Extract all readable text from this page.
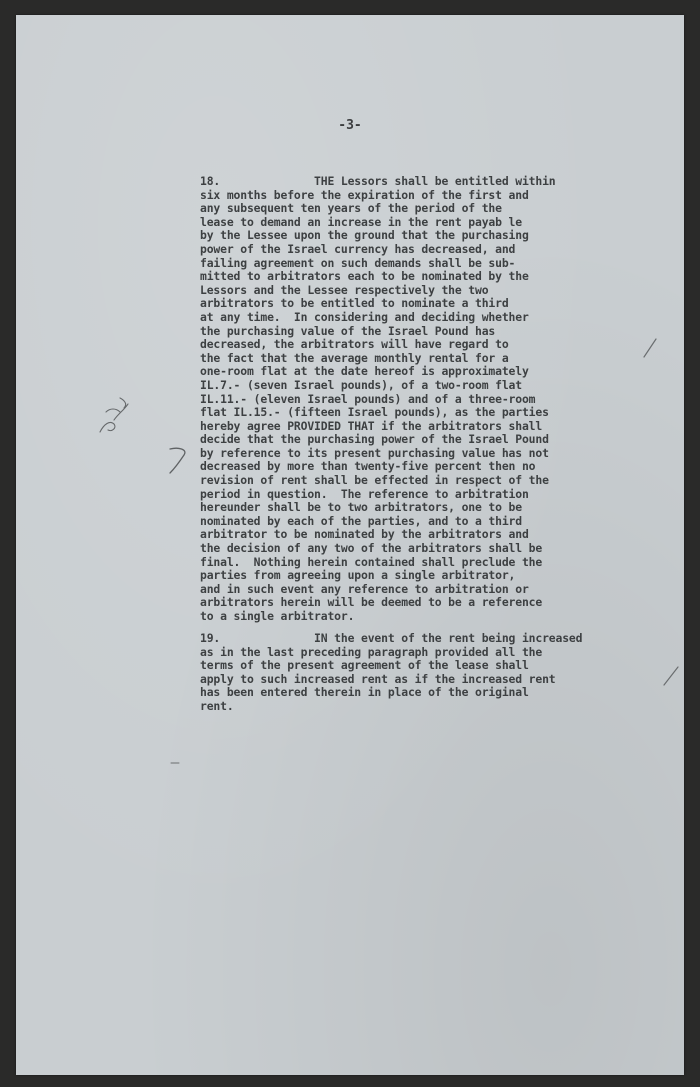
-3-
18.              THE Lessors shall be entitled within
six months before the expiration of the first and
any subsequent ten years of the period of the
lease to demand an increase in the rent payab le
by the Lessee upon the ground that the purchasing
power of the Israel currency has decreased, and
failing agreement on such demands shall be sub-
mitted to arbitrators each to be nominated by the
Lessors and the Lessee respectively the two
arbitrators to be entitled to nominate a third
at any time.  In considering and deciding whether
the purchasing value of the Israel Pound has
decreased, the arbitrators will have regard to
the fact that the average monthly rental for a
one-room flat at the date hereof is approximately
IL.7.- (seven Israel pounds), of a two-room flat
IL.11.- (eleven Israel pounds) and of a three-room
flat IL.15.- (fifteen Israel pounds), as the parties
hereby agree PROVIDED THAT if the arbitrators shall
decide that the purchasing power of the Israel Pound
by reference to its present purchasing value has not
decreased by more than twenty-five percent then no
revision of rent shall be effected in respect of the
period in question.  The reference to arbitration
hereunder shall be to two arbitrators, one to be
nominated by each of the parties, and to a third
arbitrator to be nominated by the arbitrators and
the decision of any two of the arbitrators shall be
final.  Nothing herein contained shall preclude the
parties from agreeing upon a single arbitrator,
and in such event any reference to arbitration or
arbitrators herein will be deemed to be a reference
to a single arbitrator.
19.              IN the event of the rent being increased
as in the last preceding paragraph provided all the
terms of the present agreement of the lease shall
apply to such increased rent as if the increased rent
has been entered therein in place of the original
rent.
